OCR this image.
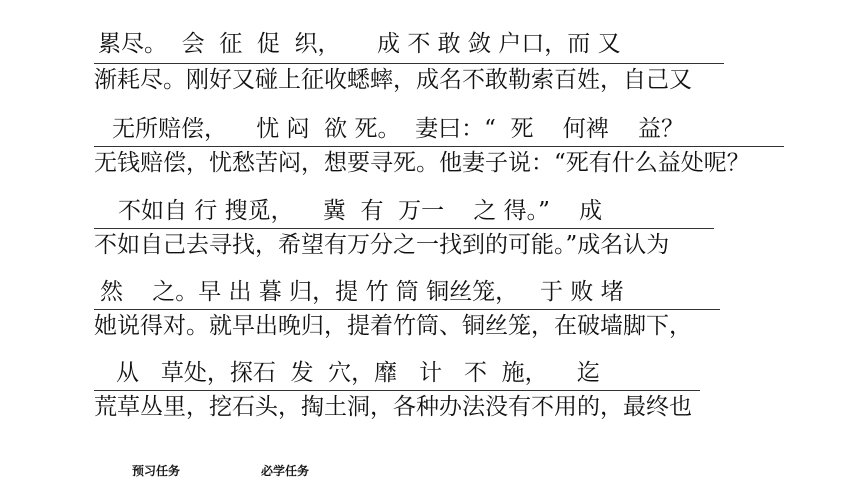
累尽。  会  征  促  织，     成 不 敢 敛 户口，而 又
渐耗尽。刚好又碰上征收蟋蟀，成名不敢勒索百姓，自己又
无所赔偿，    忧 闷  欲 死。  妻曰：“  死    何裨    益？
无钱赔偿，忧愁苦闷，想要寻死。他妻子说：“死有什么益处呢？
不如自 行 搜觅，    冀  有  万一    之 得。”    成
不如自己去寻找，希望有万分之一找到的可能。”成名认为
然    之。早 出 暮 归，提 竹 筒 铜丝笼，   于 败 堵
她说得对。就早出晚归，提着竹筒、铜丝笼，在破墙脚下，
从   草处，探石  发  穴，靡   计   不  施，    迄
荒草丛里，挖石头，掏土洞，各种办法没有不用的，最终也
预习任务	必学任务
